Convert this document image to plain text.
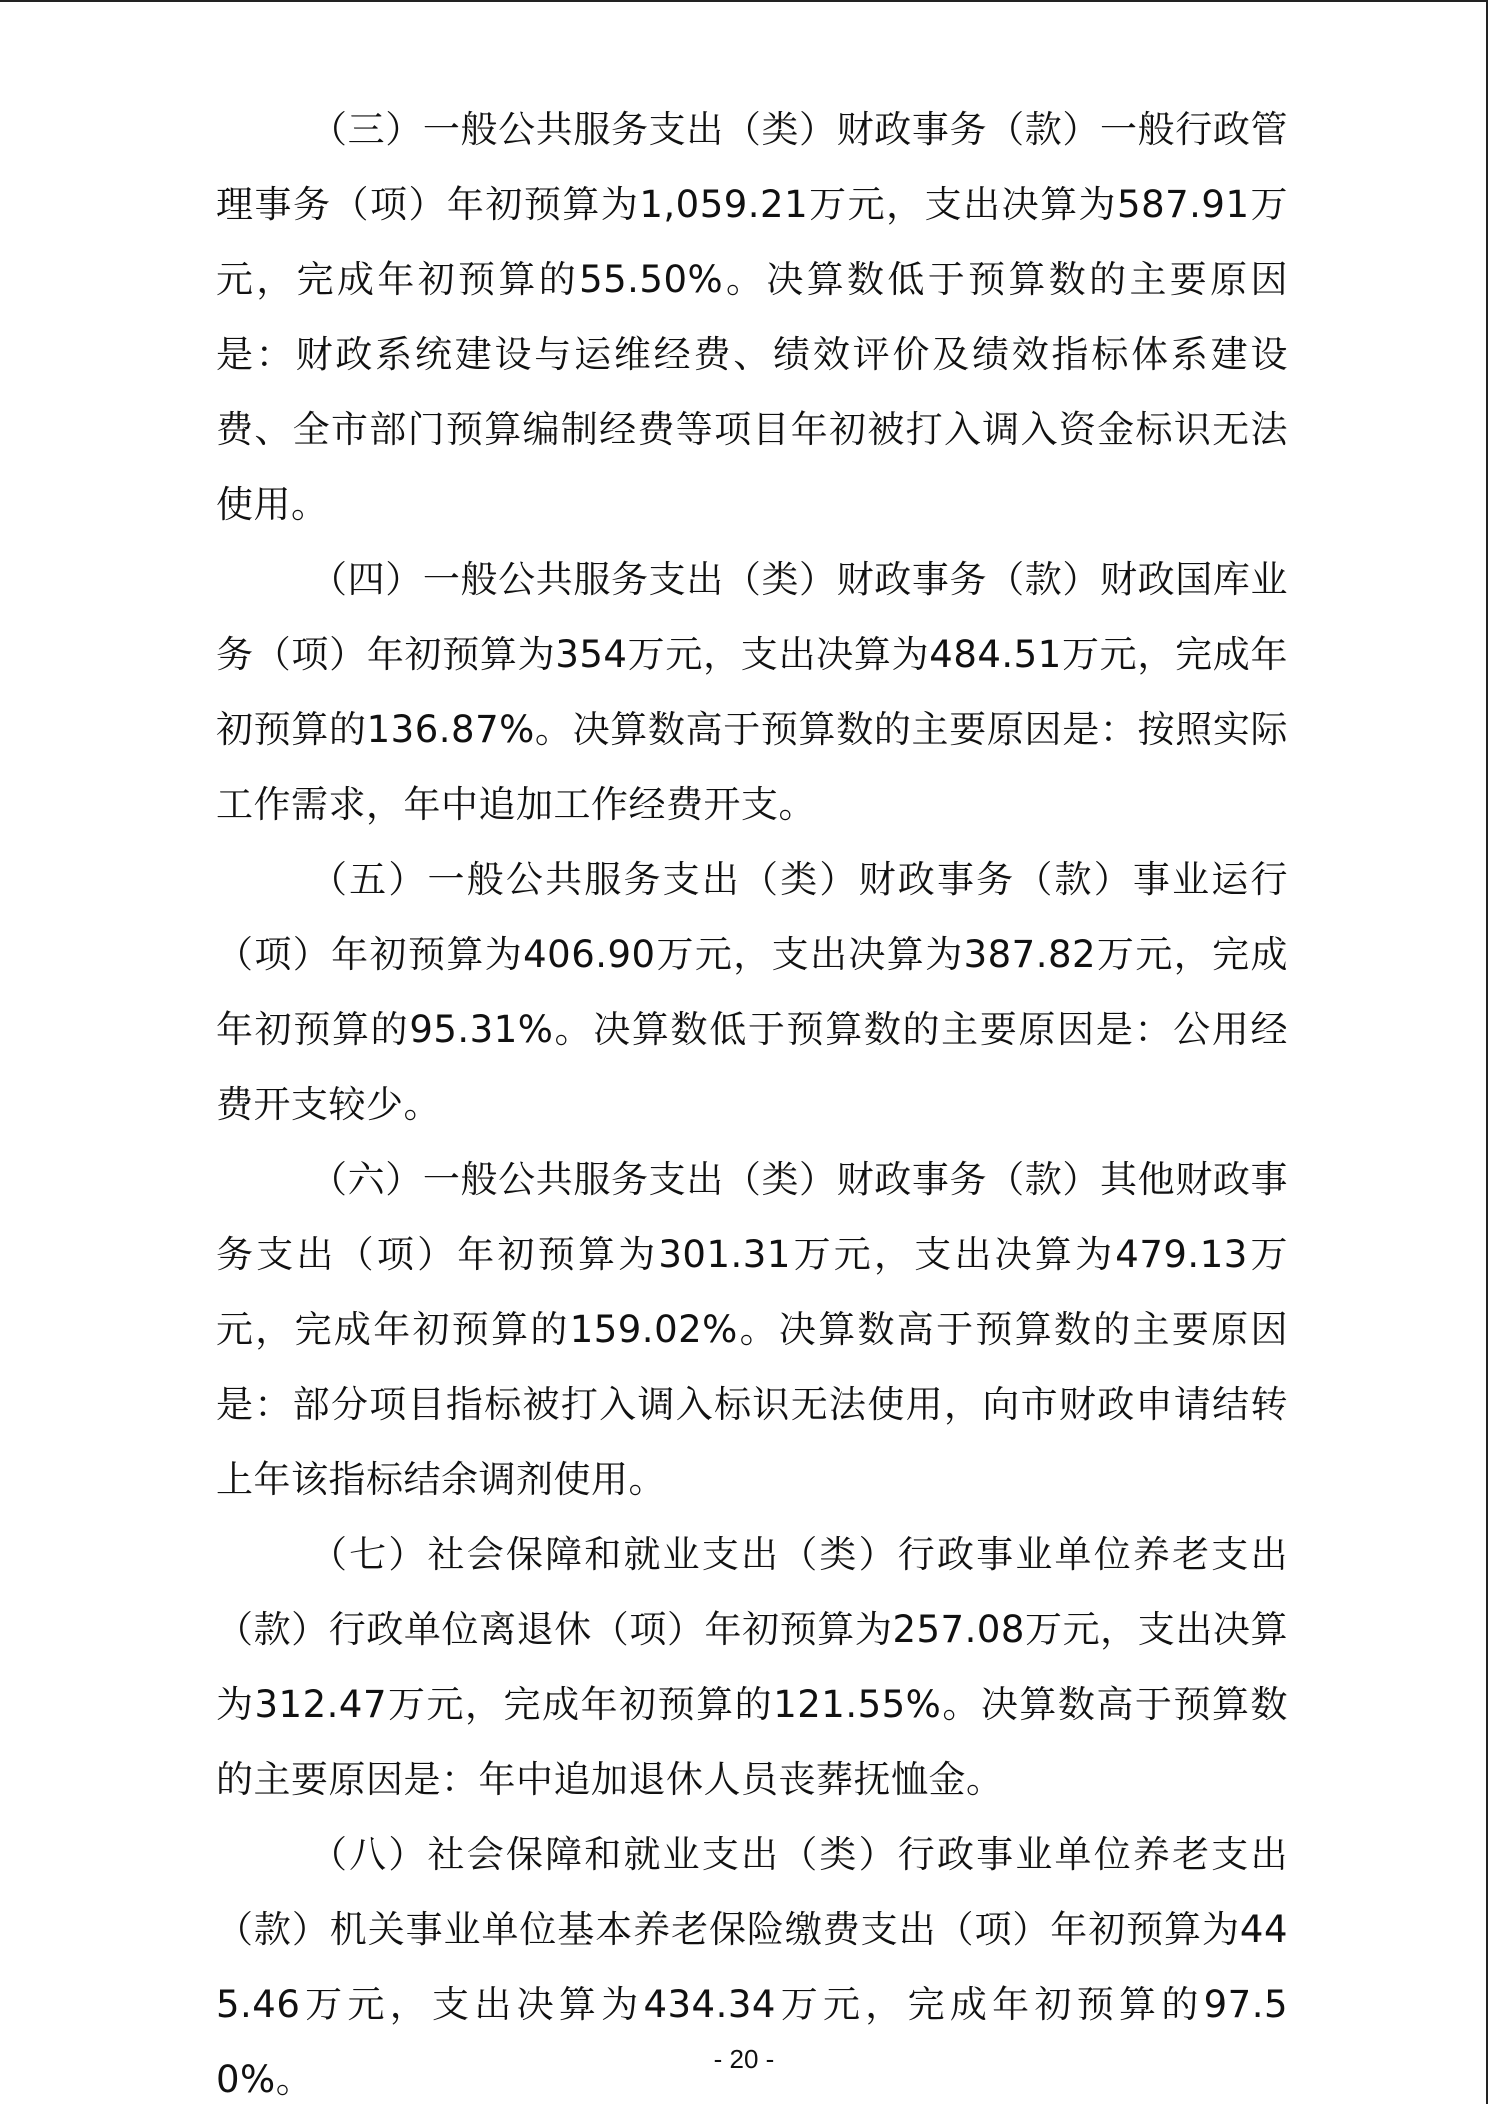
（三）一般公共服务支出（类）财政事务（款）一般行政管理事务（项）年初预算为1,059.21万元，支出决算为587.91万元，完成年初预算的55.50%。决算数低于预算数的主要原因是：财政系统建设与运维经费、绩效评价及绩效指标体系建设费、全市部门预算编制经费等项目年初被打入调入资金标识无法使用。

（四）一般公共服务支出（类）财政事务（款）财政国库业务（项）年初预算为354万元，支出决算为484.51万元，完成年初预算的136.87%。决算数高于预算数的主要原因是：按照实际工作需求，年中追加工作经费开支。

（五）一般公共服务支出（类）财政事务（款）事业运行（项）年初预算为406.90万元，支出决算为387.82万元，完成年初预算的95.31%。决算数低于预算数的主要原因是：公用经费开支较少。

（六）一般公共服务支出（类）财政事务（款）其他财政事务支出（项）年初预算为301.31万元，支出决算为479.13万元，完成年初预算的159.02%。决算数高于预算数的主要原因是：部分项目指标被打入调入标识无法使用，向市财政申请结转上年该指标结余调剂使用。

（七）社会保障和就业支出（类）行政事业单位养老支出（款）行政单位离退休（项）年初预算为257.08万元，支出决算为312.47万元，完成年初预算的121.55%。决算数高于预算数的主要原因是：年中追加退休人员丧葬抚恤金。

（八）社会保障和就业支出（类）行政事业单位养老支出（款）机关事业单位基本养老保险缴费支出（项）年初预算为445.46万元，支出决算为434.34万元，完成年初预算的97.50%。	- 20 -
